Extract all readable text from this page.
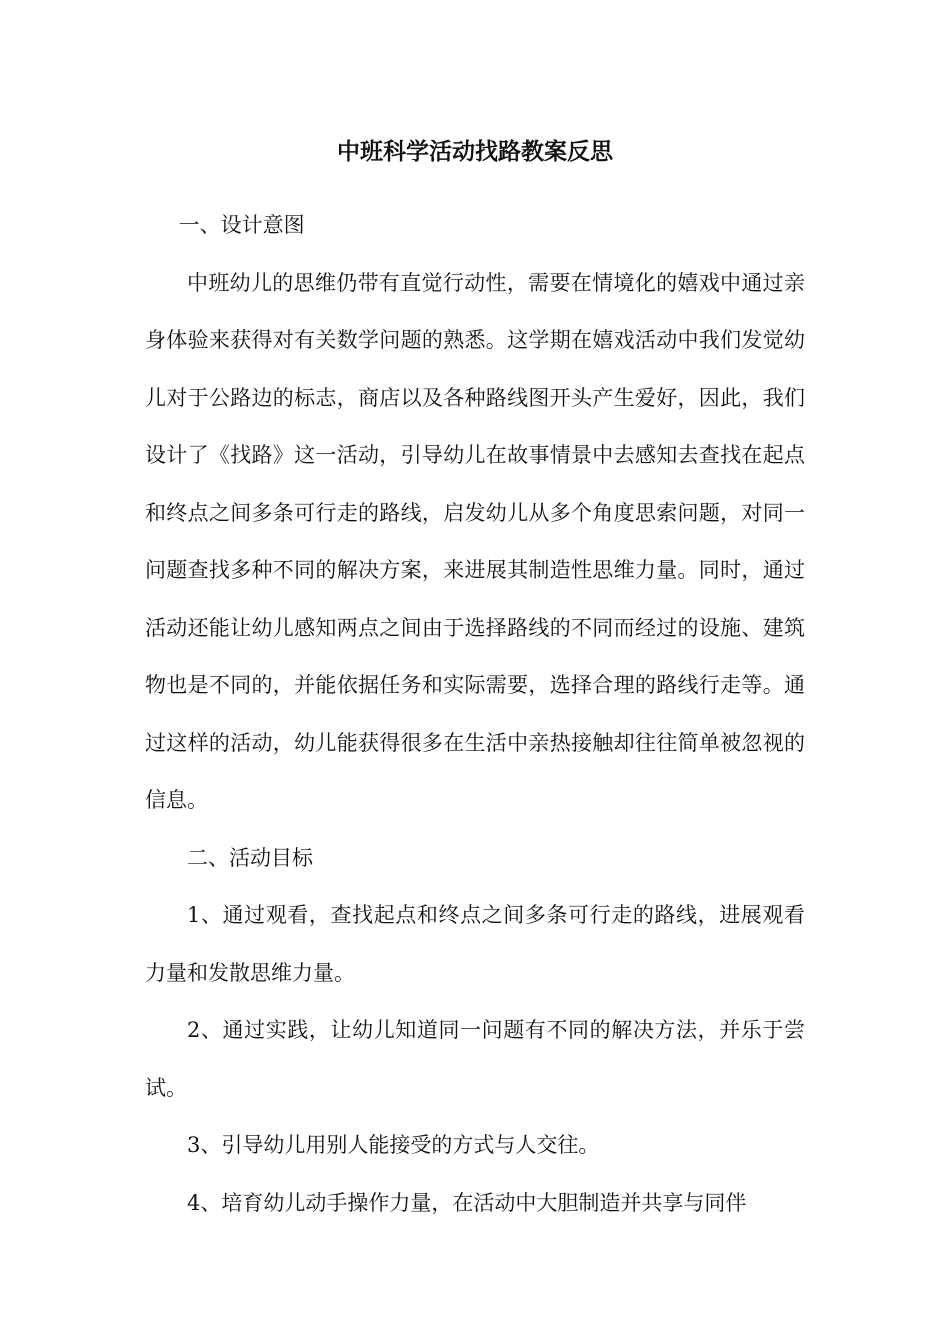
中班科学活动找路教案反思

一、设计意图

中班幼儿的思维仍带有直觉行动性，需要在情境化的嬉戏中通过亲身体验来获得对有关数学问题的熟悉。这学期在嬉戏活动中我们发觉幼儿对于公路边的标志，商店以及各种路线图开头产生爱好，因此，我们设计了《找路》这一活动，引导幼儿在故事情景中去感知去查找在起点和终点之间多条可行走的路线，启发幼儿从多个角度思索问题，对同一问题查找多种不同的解决方案，来进展其制造性思维力量。同时，通过活动还能让幼儿感知两点之间由于选择路线的不同而经过的设施、建筑物也是不同的，并能依据任务和实际需要，选择合理的路线行走等。通过这样的活动，幼儿能获得很多在生活中亲热接触却往往简单被忽视的信息。

二、活动目标

1、通过观看，查找起点和终点之间多条可行走的路线，进展观看力量和发散思维力量。

2、通过实践，让幼儿知道同一问题有不同的解决方法，并乐于尝试。

3、引导幼儿用别人能接受的方式与人交往。

4、培育幼儿动手操作力量，在活动中大胆制造并共享与同伴
